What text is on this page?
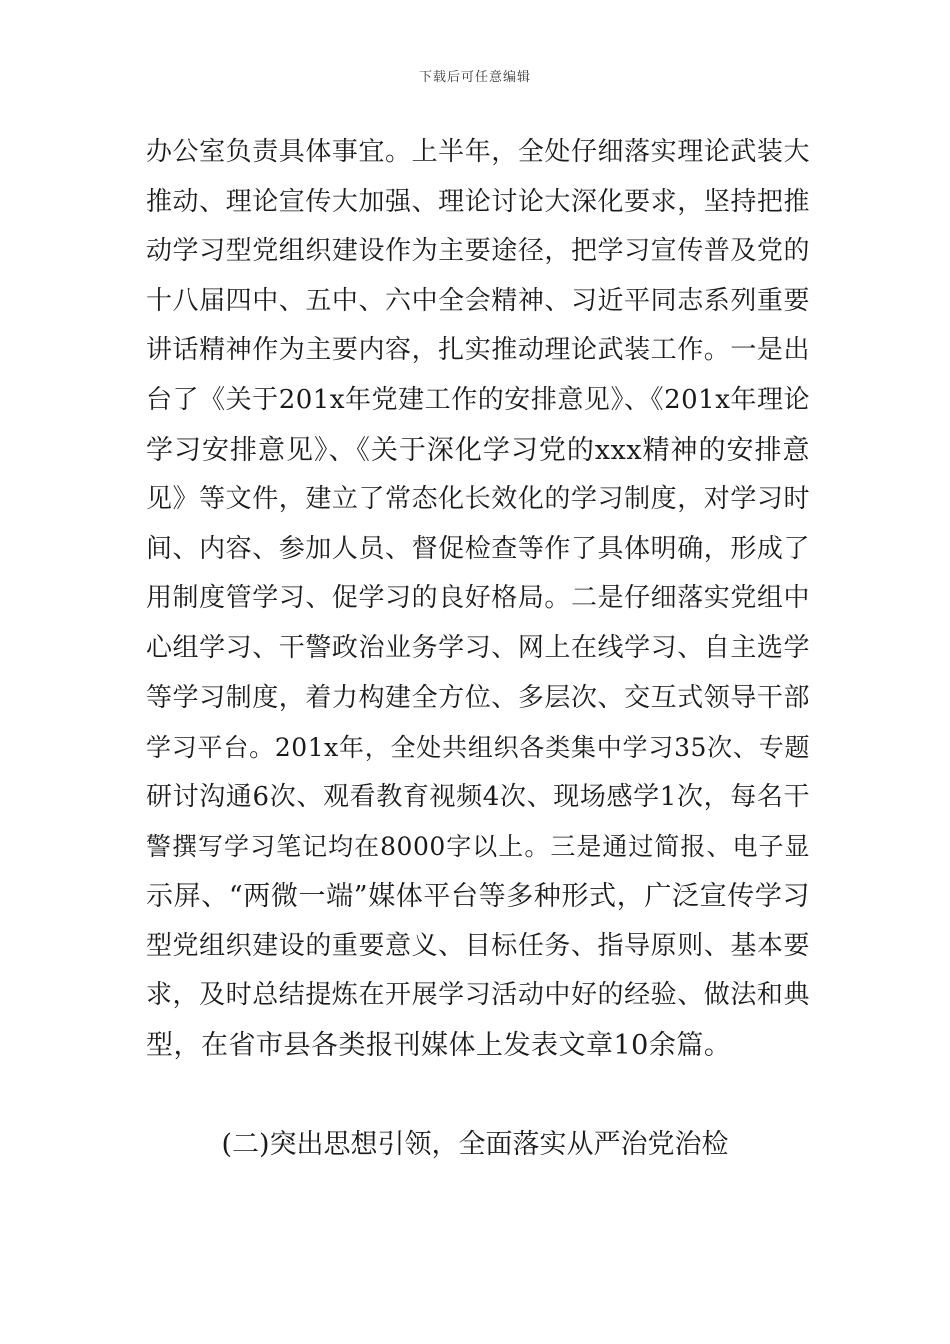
下载后可任意编辑
办公室负责具体事宜。上半年，全处仔细落实理论武装大
推动、理论宣传大加强、理论讨论大深化要求，坚持把推
动学习型党组织建设作为主要途径，把学习宣传普及党的
十八届四中、五中、六中全会精神、习近平同志系列重要
讲话精神作为主要内容，扎实推动理论武装工作。一是出
台了《关于201x年党建工作的安排意见》、《201x年理论
学习安排意见》、《关于深化学习党的xxx精神的安排意
见》等文件，建立了常态化长效化的学习制度，对学习时
间、内容、参加人员、督促检查等作了具体明确，形成了
用制度管学习、促学习的良好格局。二是仔细落实党组中
心组学习、干警政治业务学习、网上在线学习、自主选学
等学习制度，着力构建全方位、多层次、交互式领导干部
学习平台。201x年，全处共组织各类集中学习35次、专题
研讨沟通6次、观看教育视频4次、现场感学1次，每名干
警撰写学习笔记均在8000字以上。三是通过简报、电子显
示屏、“两微一端”媒体平台等多种形式，广泛宣传学习
型党组织建设的重要意义、目标任务、指导原则、基本要
求，及时总结提炼在开展学习活动中好的经验、做法和典
型，在省市县各类报刊媒体上发表文章10余篇。
(二)突出思想引领，全面落实从严治党治检
